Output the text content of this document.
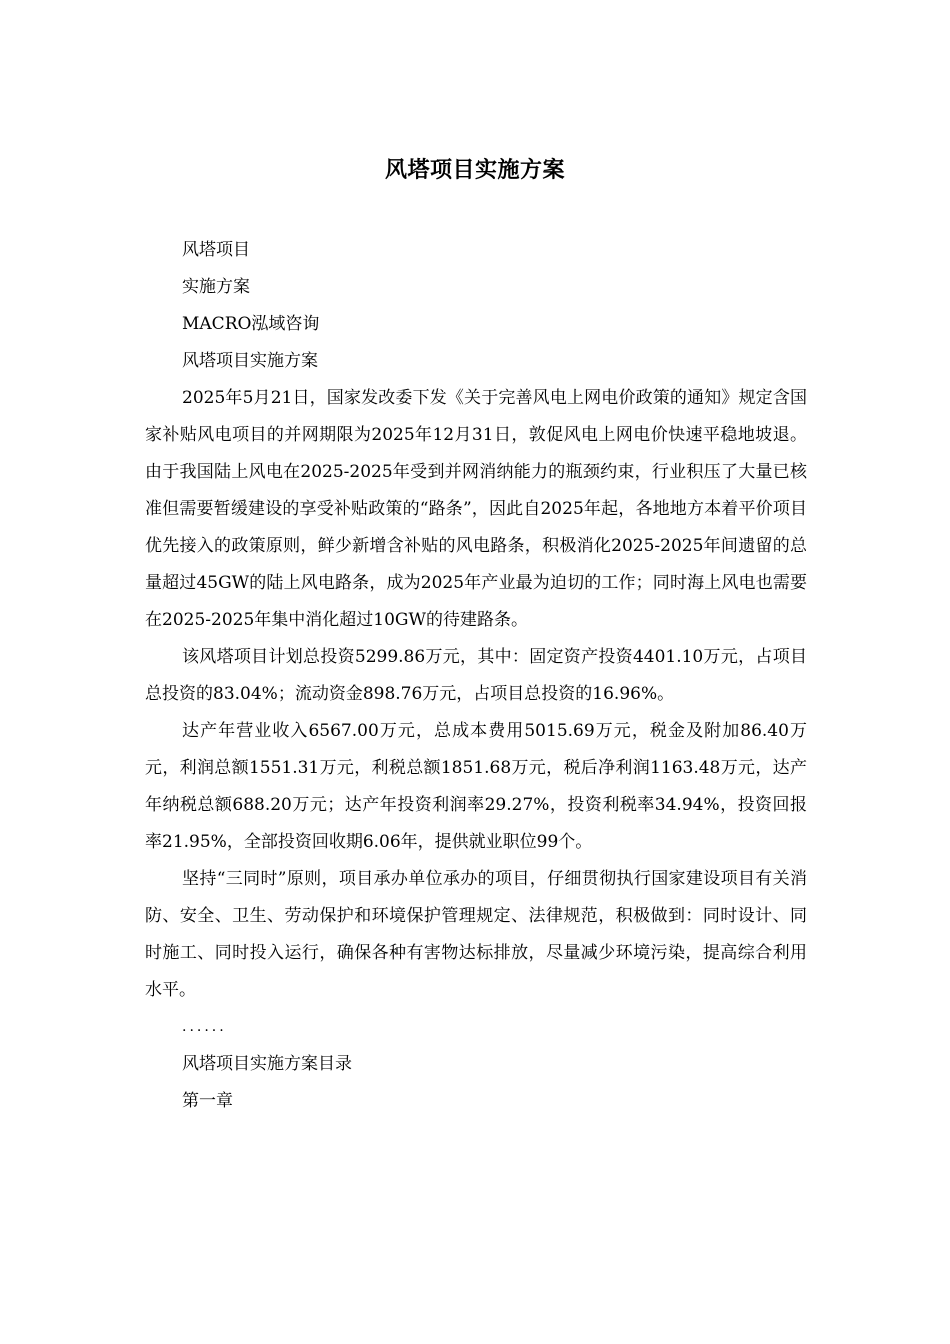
风塔项目实施方案

风塔项目

实施方案

MACRO泓域咨询

风塔项目实施方案

2025年5月21日，国家发改委下发《关于完善风电上网电价政策的通知》规定含国家补贴风电项目的并网期限为2025年12月31日，敦促风电上网电价快速平稳地坡退。由于我国陆上风电在2025-2025年受到并网消纳能力的瓶颈约束，行业积压了大量已核准但需要暂缓建设的享受补贴政策的“路条”，因此自2025年起，各地地方本着平价项目优先接入的政策原则，鲜少新增含补贴的风电路条，积极消化2025-2025年间遗留的总量超过45GW的陆上风电路条，成为2025年产业最为迫切的工作；同时海上风电也需要在2025-2025年集中消化超过10GW的待建路条。

该风塔项目计划总投资5299.86万元，其中：固定资产投资4401.10万元，占项目总投资的83.04%；流动资金898.76万元，占项目总投资的16.96%。

达产年营业收入6567.00万元，总成本费用5015.69万元，税金及附加86.40万元，利润总额1551.31万元，利税总额1851.68万元，税后净利润1163.48万元，达产年纳税总额688.20万元；达产年投资利润率29.27%，投资利税率34.94%，投资回报率21.95%，全部投资回收期6.06年，提供就业职位99个。

坚持“三同时”原则，项目承办单位承办的项目，仔细贯彻执行国家建设项目有关消防、安全、卫生、劳动保护和环境保护管理规定、法律规范，积极做到：同时设计、同时施工、同时投入运行，确保各种有害物达标排放，尽量减少环境污染，提高综合利用水平。

......

风塔项目实施方案目录

第一章
